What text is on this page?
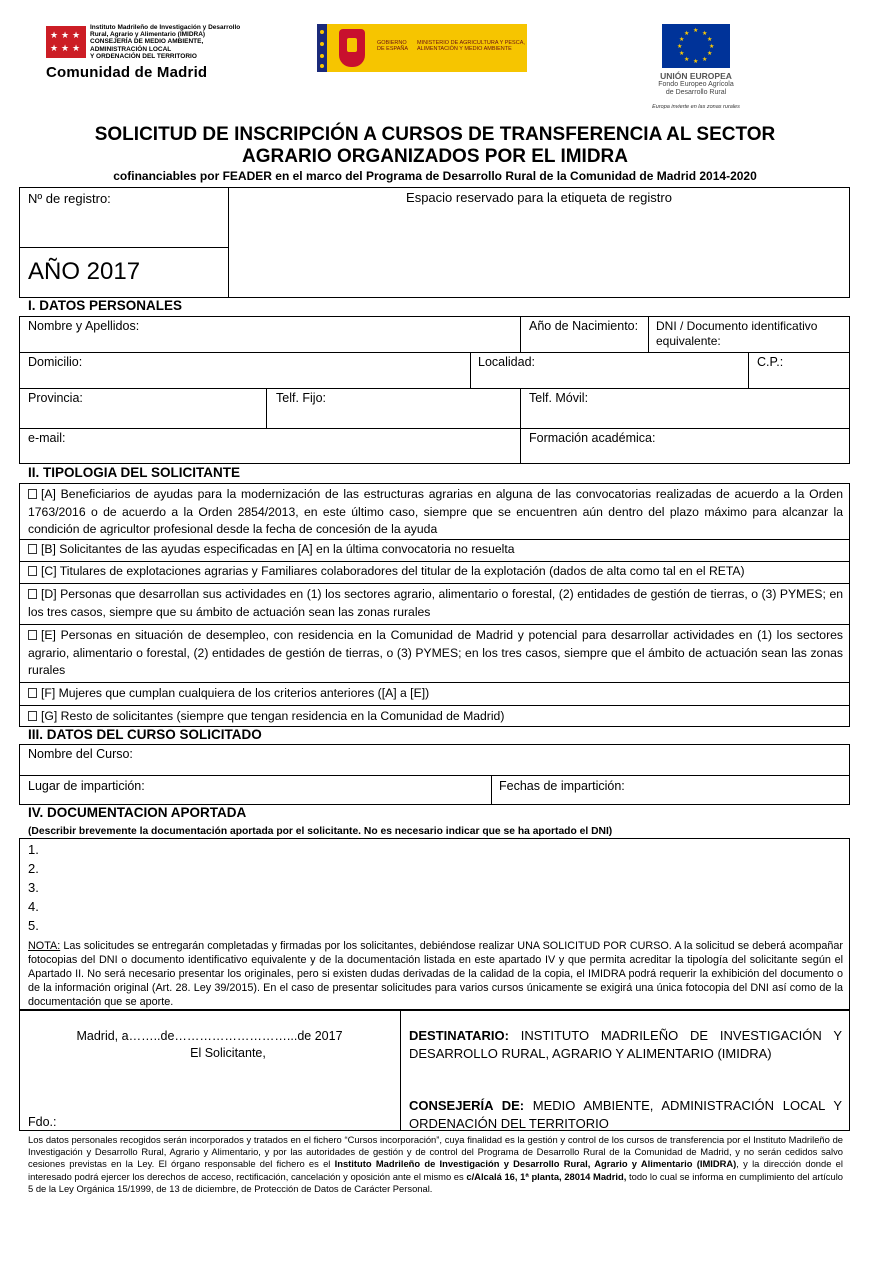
★ ★ ★
★ ★ ★
Instituto Madrileño de Investigación y Desarrollo
Rural, Agrario y Alimentario (IMIDRA)
CONSEJERÍA DE MEDIO AMBIENTE,
ADMINISTRACIÓN LOCAL
Y ORDENACIÓN DEL TERRITORIO
Comunidad de Madrid
GOBIERNO DE ESPAÑA
MINISTERIO DE AGRICULTURA Y PESCA, ALIMENTACIÓN Y MEDIO AMBIENTE
★ ★
★
★
★
★
★
★
★
★
★
★
UNIÓN EUROPEA
Fondo Europeo Agrícola
de Desarrollo Rural
Europa invierte en las zonas rurales
SOLICITUD DE INSCRIPCIÓN A CURSOS DE TRANSFERENCIA AL SECTOR
AGRARIO ORGANIZADOS POR EL IMIDRA
cofinanciables por FEADER en el marco del Programa de Desarrollo Rural de la Comunidad de Madrid 2014-2020
Nº de registro:
AÑO 2017
Espacio reservado para la etiqueta de registro
I. DATOS PERSONALES
Nombre y Apellidos:	Año de Nacimiento: DNI / Documento identificativo
equivalente:
Domicilio:	Localidad:	C.P.:
Provincia:	Telf. Fijo:	Telf. Móvil:
e-mail:	Formación académica:
II. TIPOLOGIA DEL SOLICITANTE
[A] Beneficiarios de ayudas para la modernización de las estructuras agrarias en alguna de las convocatorias realizadas de acuerdo a la Orden 1763/2016 o de acuerdo a la Orden 2854/2013, en este último caso, siempre que se encuentren aún dentro del plazo máximo para alcanzar la condición de agricultor profesional desde la fecha de concesión de la ayuda
[B] Solicitantes de las ayudas especificadas en [A] en la última convocatoria no resuelta
[C] Titulares de explotaciones agrarias y Familiares colaboradores del titular de la explotación (dados de alta como tal en el RETA)
[D] Personas que desarrollan sus actividades en (1) los sectores agrario, alimentario o forestal, (2) entidades de gestión de tierras, o (3) PYMES; en los tres casos, siempre que su ámbito de actuación sean las zonas rurales
[E] Personas en situación de desempleo, con residencia en la Comunidad de Madrid y potencial para desarrollar actividades en (1) los sectores agrario, alimentario o forestal, (2) entidades de gestión de tierras, o (3) PYMES; en los tres casos, siempre que el ámbito de actuación sean las zonas rurales
[F] Mujeres que cumplan cualquiera de los criterios anteriores ([A] a [E])
[G] Resto de solicitantes (siempre que tengan residencia en la Comunidad de Madrid)
III. DATOS DEL CURSO SOLICITADO
Nombre del Curso:
Lugar de impartición:	Fechas de impartición:
IV. DOCUMENTACION APORTADA
(Describir brevemente la documentación aportada por el solicitante. No es necesario indicar que se ha aportado el DNI)
1.
2.
3.
4.
5.
NOTA: Las solicitudes se entregarán completadas y firmadas por los solicitantes, debiéndose realizar UNA SOLICITUD POR CURSO. A la solicitud se deberá acompañar fotocopias del DNI o documento identificativo equivalente y de la documentación listada en este apartado IV y que permita acreditar la tipología del solicitante según el Apartado II. No será necesario presentar los originales, pero si existen dudas derivadas de la calidad de la copia, el IMIDRA podrá requerir la exhibición del documento o de la información original (Art. 28. Ley 39/2015). En el caso de presentar solicitudes para varios cursos únicamente se exigirá una única fotocopia del DNI así como de la documentación que se aporte.
Madrid, a……..de………………………...de 2017
El Solicitante,
Fdo.:
DESTINATARIO: INSTITUTO MADRILEÑO DE INVESTIGACIÓN Y DESARROLLO RURAL, AGRARIO Y ALIMENTARIO (IMIDRA)
CONSEJERÍA DE: MEDIO AMBIENTE, ADMINISTRACIÓN LOCAL Y ORDENACIÓN DEL TERRITORIO
Los datos personales recogidos serán incorporados y tratados en el fichero “Cursos incorporación”, cuya finalidad es la gestión y control de los cursos de transferencia por el Instituto Madrileño de Investigación y Desarrollo Rural, Agrario y Alimentario, y por las autoridades de gestión y de control del Programa de Desarrollo Rural de la Comunidad de Madrid, y no serán cedidos salvo cesiones previstas en la Ley. El órgano responsable del fichero es el Instituto Madrileño de Investigación y Desarrollo Rural, Agrario y Alimentario (IMIDRA), y la dirección donde el interesado podrá ejercer los derechos de acceso, rectificación, cancelación y oposición ante el mismo es c/Alcalá 16, 1ª planta, 28014 Madrid, todo lo cual se informa en cumplimiento del artículo 5 de la Ley Orgánica 15/1999, de 13 de diciembre, de Protección de Datos de Carácter Personal.
